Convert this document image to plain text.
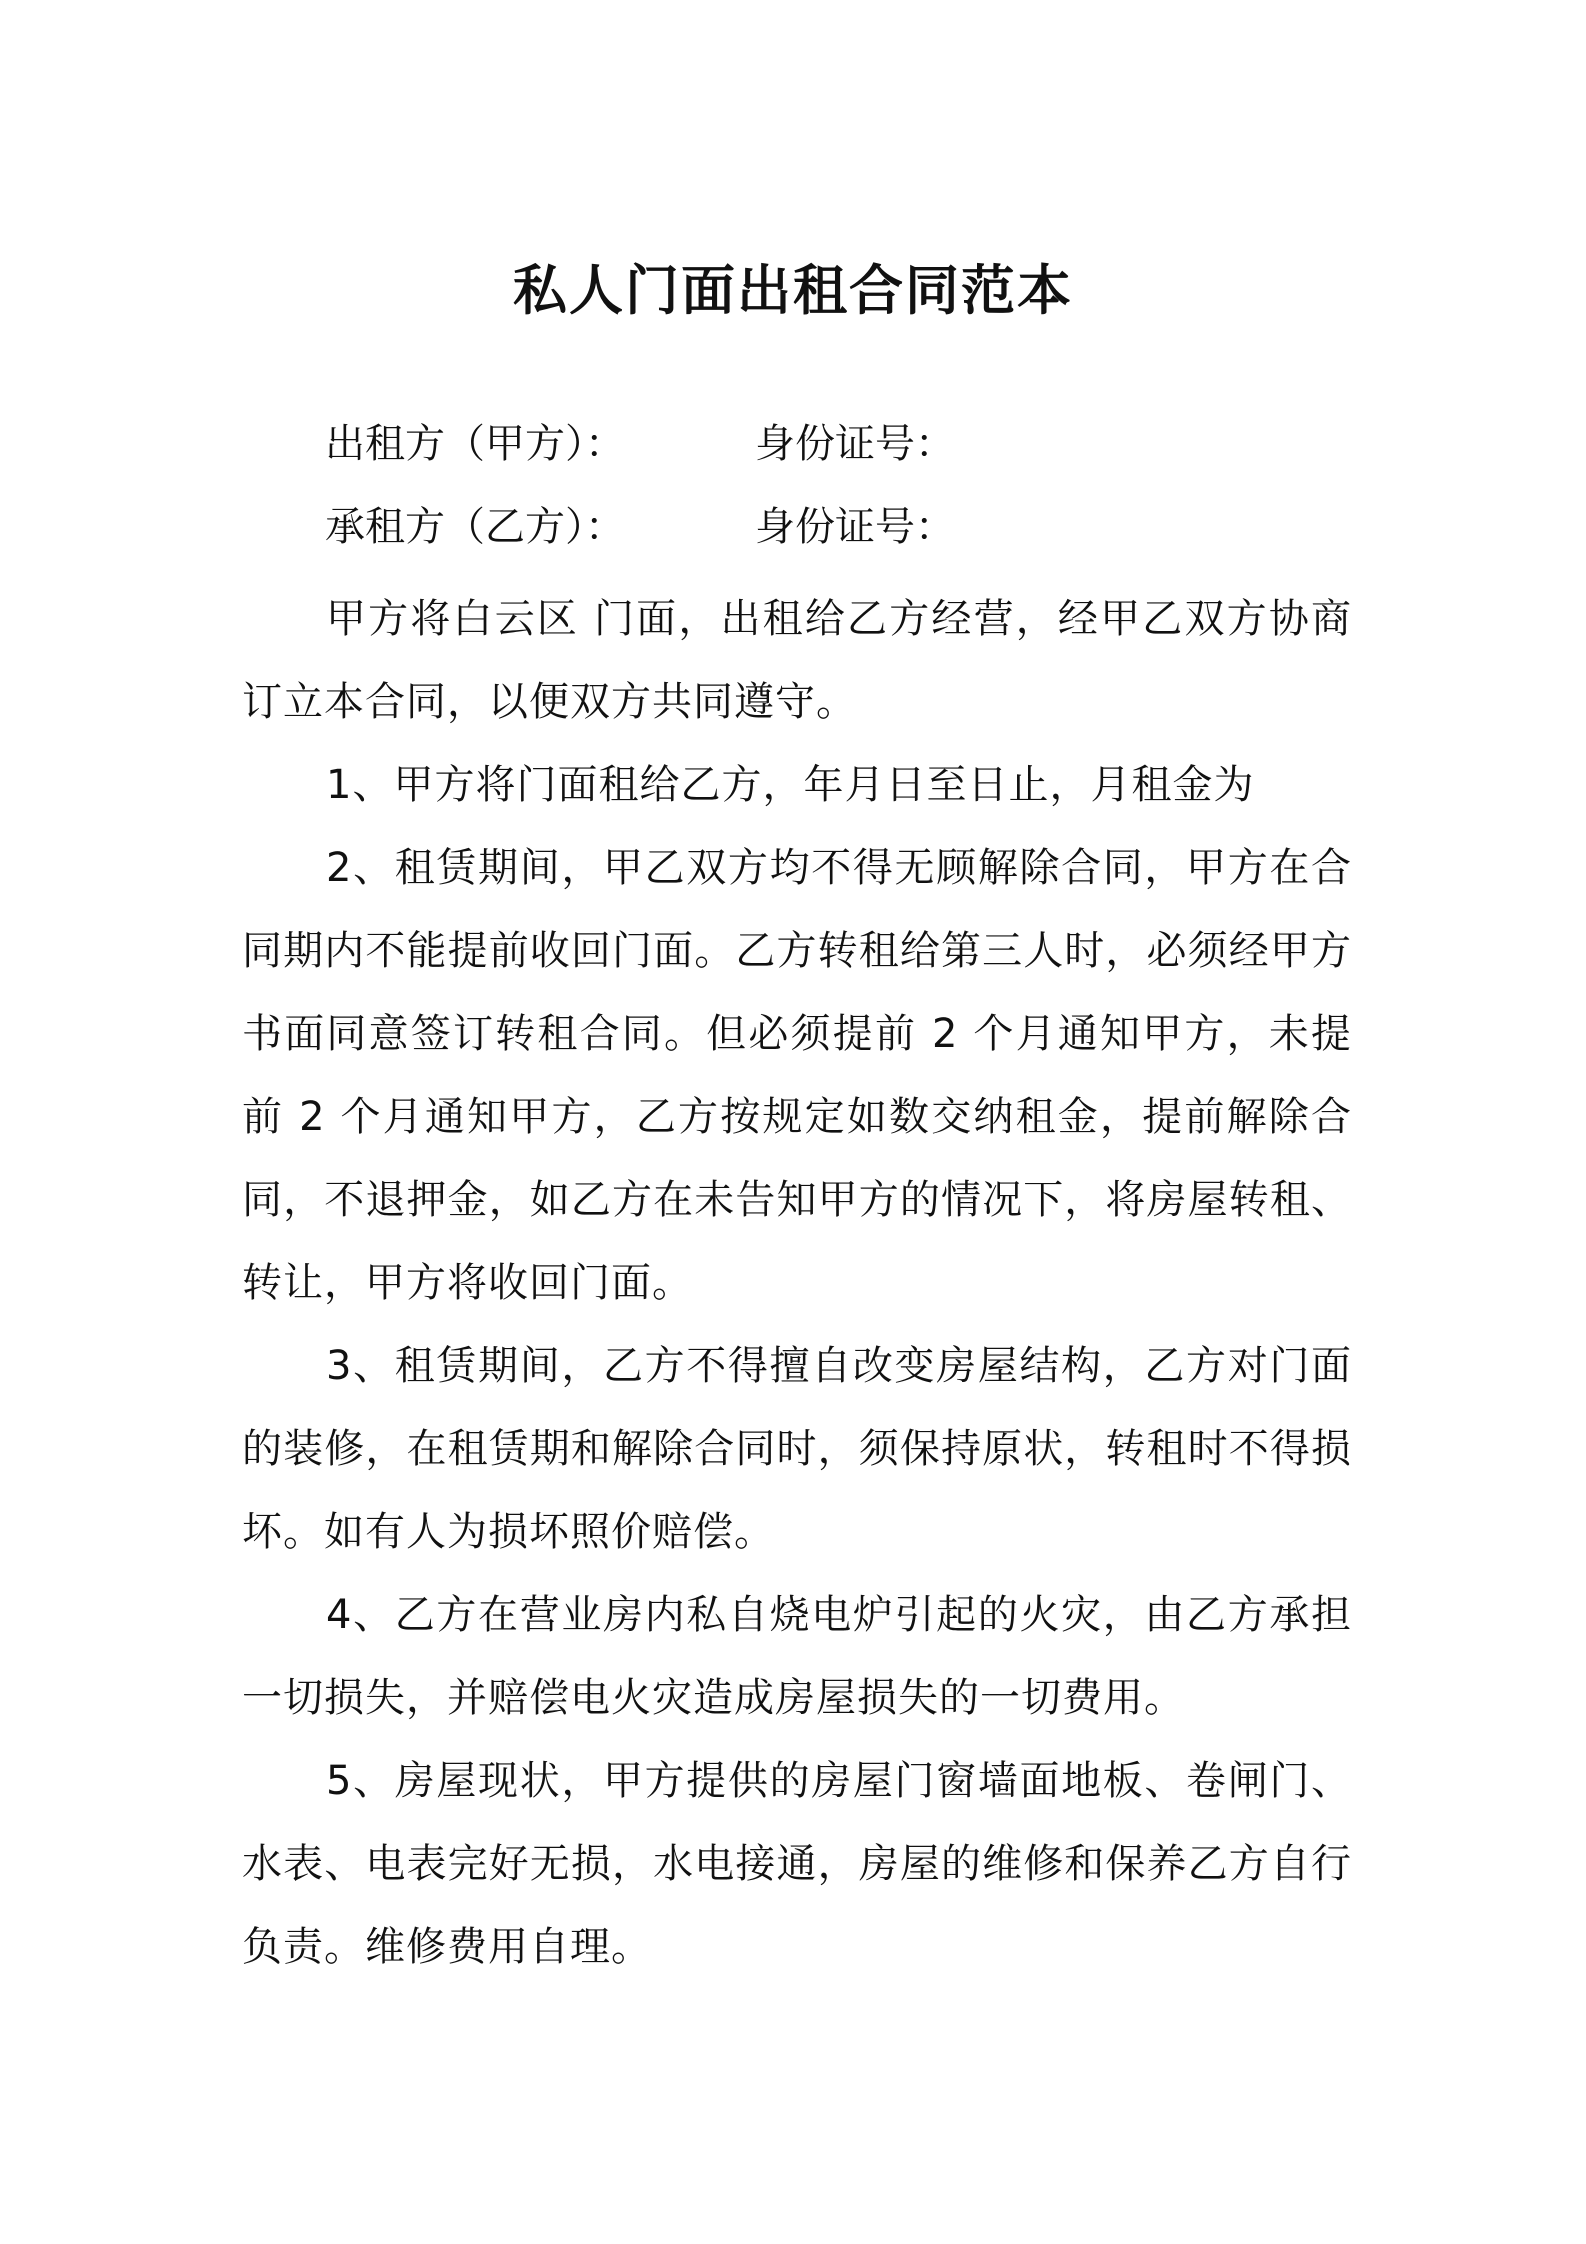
私人门面出租合同范本
出租方（甲方）：	身份证号：
承租方（乙方）：	身份证号：

甲方将白云区 门面，出租给乙方经营，经甲乙双方协商订立本合同，以便双方共同遵守。

1、甲方将门面租给乙方，年月日至日止，月租金为

2、租赁期间，甲乙双方均不得无顾解除合同，甲方在合同期内不能提前收回门面。乙方转租给第三人时，必须经甲方书面同意签订转租合同。但必须提前 2 个月通知甲方，未提前 2 个月通知甲方，乙方按规定如数交纳租金，提前解除合同，不退押金，如乙方在未告知甲方的情况下，将房屋转租、转让，甲方将收回门面。

3、租赁期间，乙方不得擅自改变房屋结构，乙方对门面的装修，在租赁期和解除合同时，须保持原状，转租时不得损坏。如有人为损坏照价赔偿。

4、乙方在营业房内私自烧电炉引起的火灾，由乙方承担一切损失，并赔偿电火灾造成房屋损失的一切费用。

5、房屋现状，甲方提供的房屋门窗墙面地板、卷闸门、水表、电表完好无损，水电接通，房屋的维修和保养乙方自行负责。维修费用自理。
